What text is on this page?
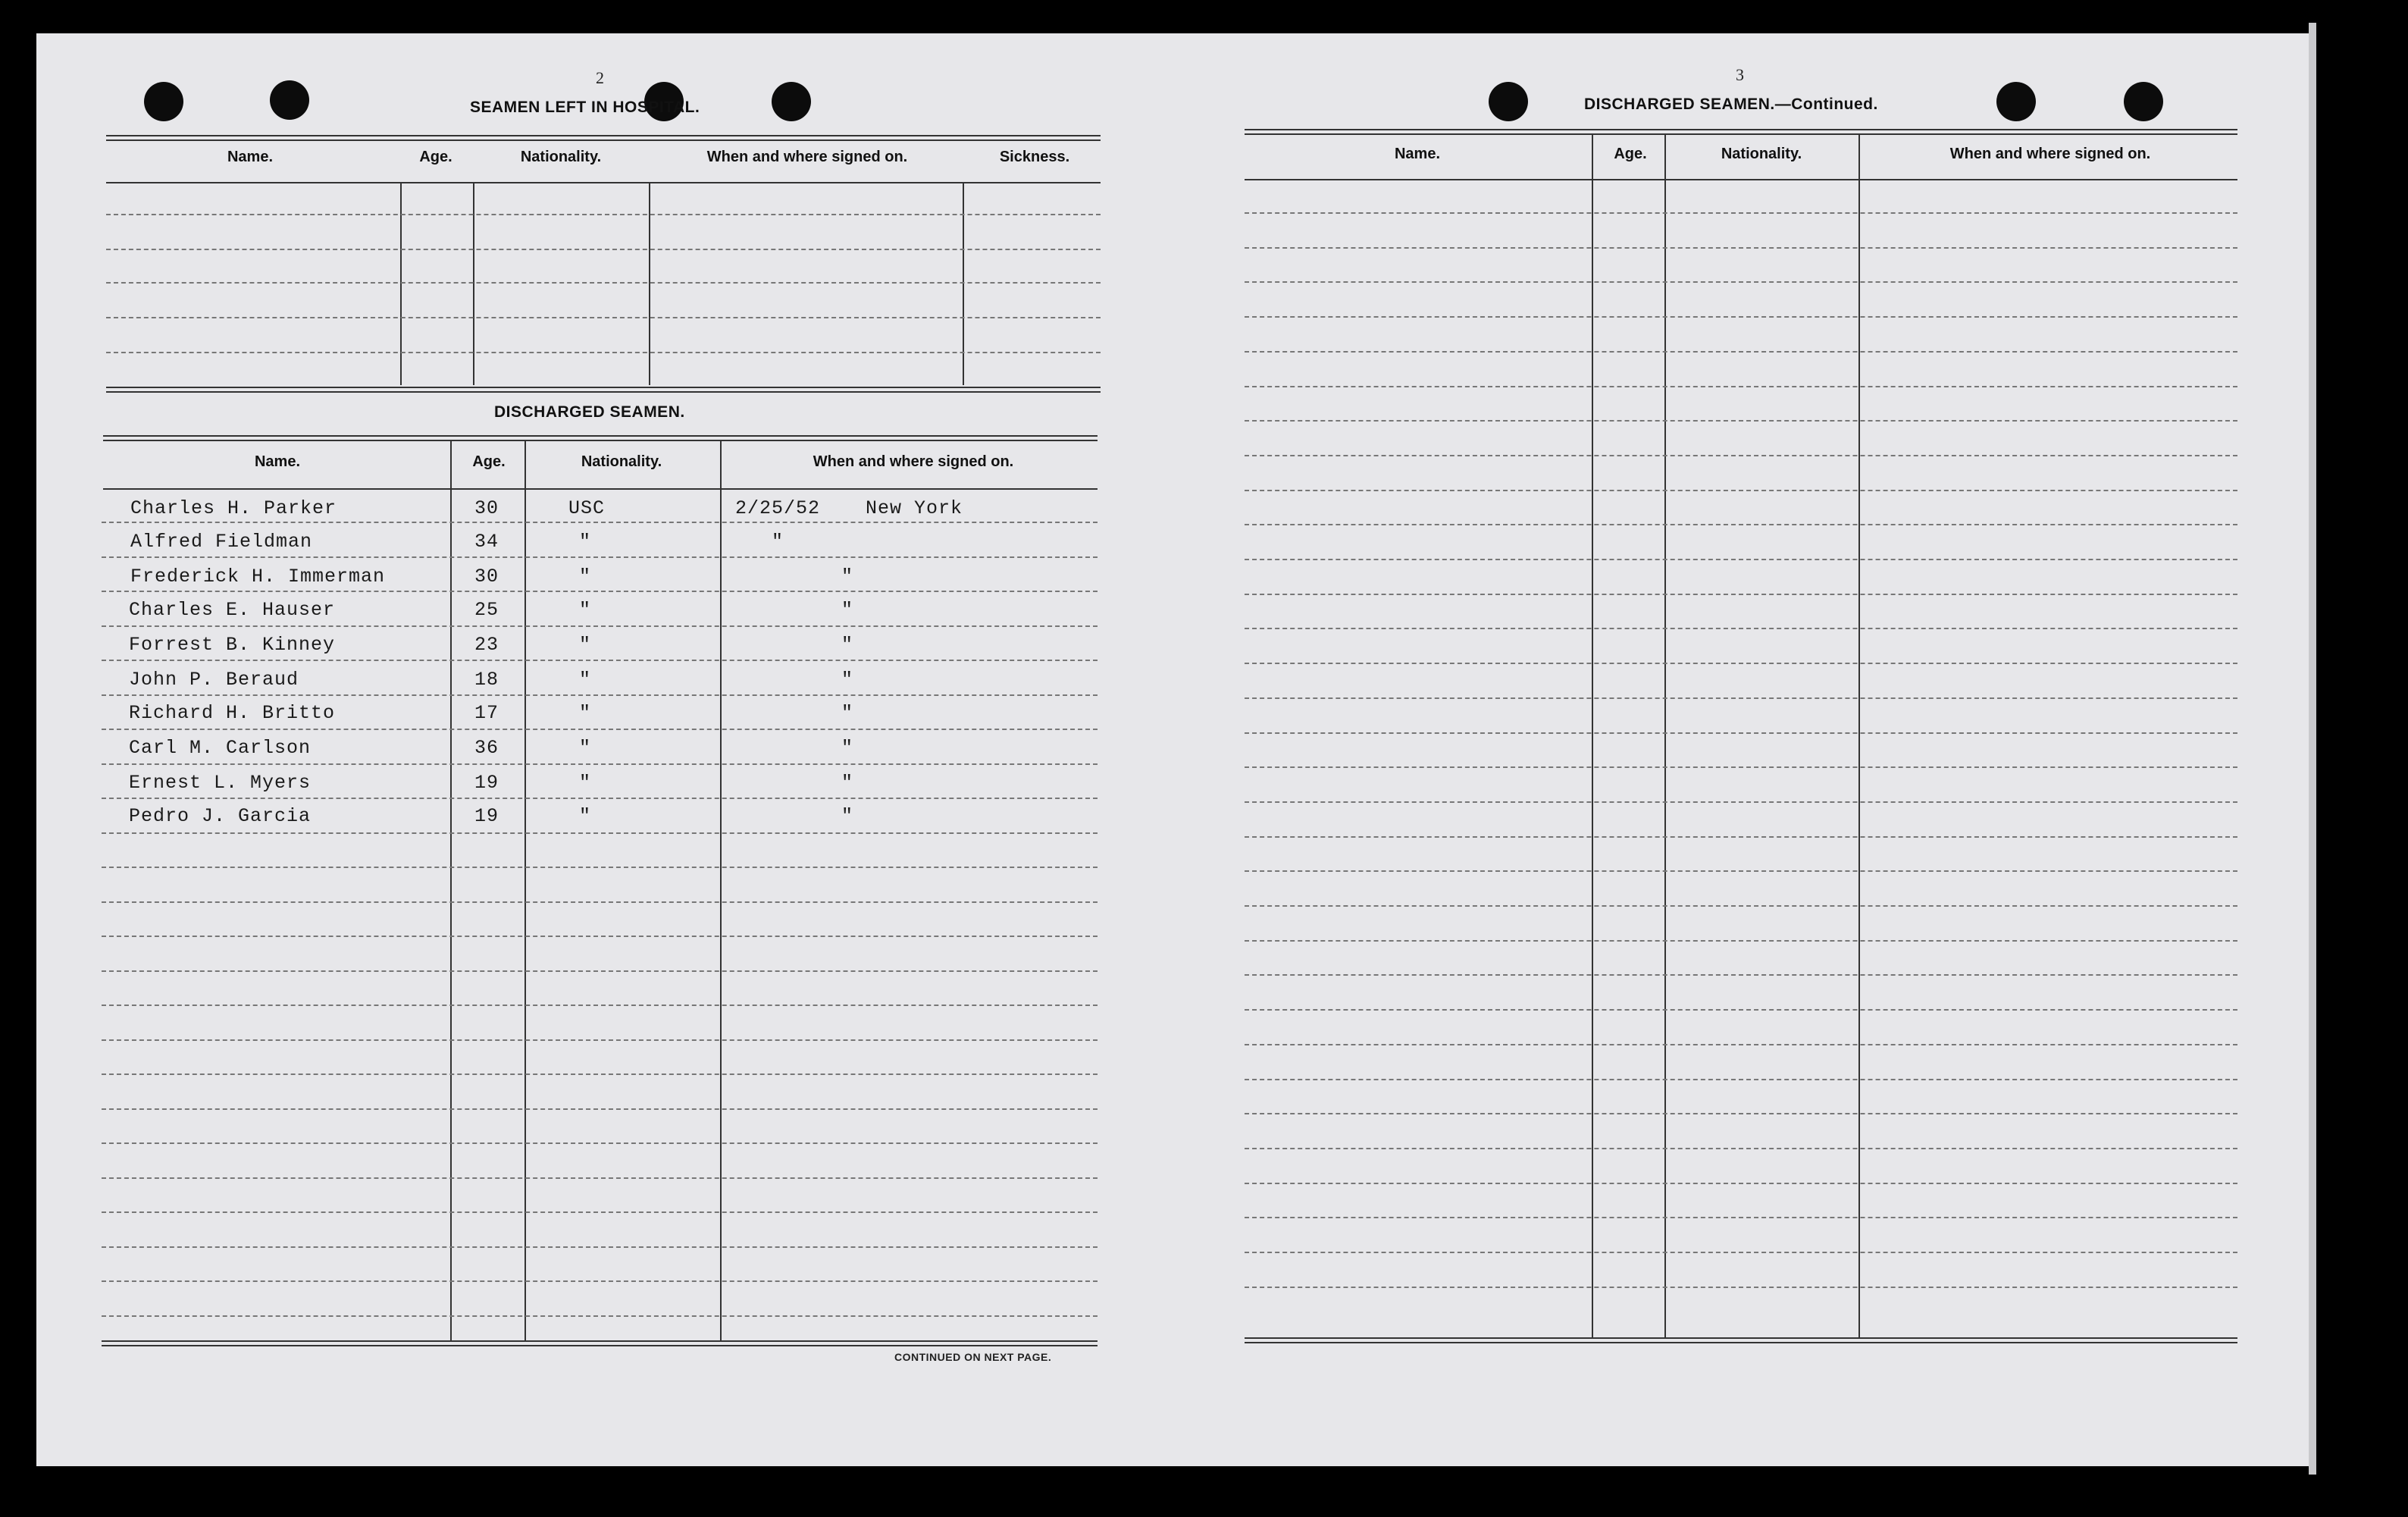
2
SEAMEN LEFT IN HOSPITAL.
Name.	Age.	Nationality.	When and where signed on.	Sickness.
DISCHARGED SEAMEN.
Name.	Age.	Nationality.	When and where signed on.
Charles H. Parker	30	USC	2/25/52 New York
Alfred Fieldman	34	"	"
Frederick H. Immerman	30	"	"
Charles E. Hauser	25	"	"
Forrest B. Kinney	23	"	"
John P. Beraud	18	"	"
Richard H. Britto	17	"	"
Carl M. Carlson	36	"	"
Ernest L. Myers	19	"	"
Pedro J. Garcia	19	"	"
CONTINUED ON NEXT PAGE.
3
DISCHARGED SEAMEN.—Continued.
Name.	Age.	Nationality.	When and where signed on.
